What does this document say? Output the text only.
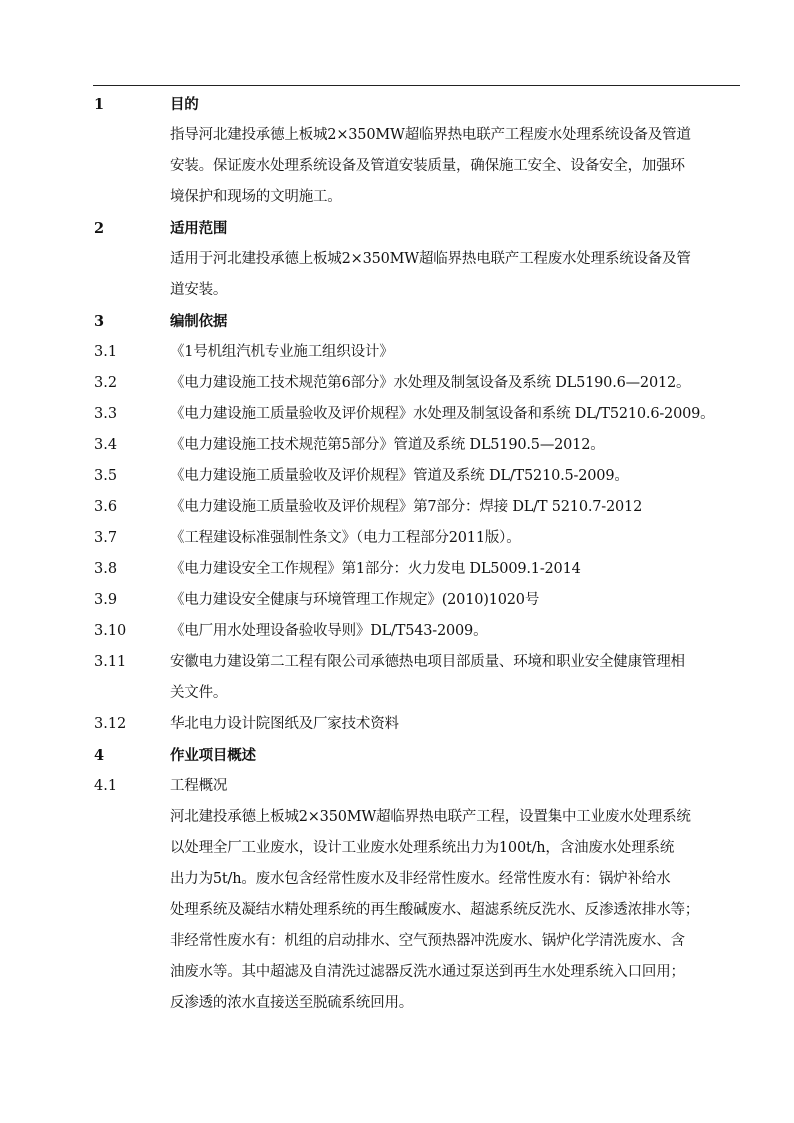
1	目的
指导河北建投承德上板城2×350MW超临界热电联产工程废水处理系统设备及管道
安装。保证废水处理系统设备及管道安装质量，确保施工安全、设备安全，加强环
境保护和现场的文明施工。
2	适用范围
适用于河北建投承德上板城2×350MW超临界热电联产工程废水处理系统设备及管
道安装。
3	编制依据
3.1	《1号机组汽机专业施工组织设计》
3.2	《电力建设施工技术规范第6部分》水处理及制氢设备及系统 DL5190.6—2012。
3.3	《电力建设施工质量验收及评价规程》水处理及制氢设备和系统 DL/T5210.6-2009。
3.4	《电力建设施工技术规范第5部分》管道及系统 DL5190.5—2012。
3.5	《电力建设施工质量验收及评价规程》管道及系统 DL/T5210.5-2009。
3.6	《电力建设施工质量验收及评价规程》第7部分：焊接 DL/T 5210.7-2012
3.7	《工程建设标准强制性条文》（电力工程部分2011版）。
3.8	《电力建设安全工作规程》第1部分：火力发电 DL5009.1-2014
3.9	《电力建设安全健康与环境管理工作规定》(2010)1020号
3.10	《电厂用水处理设备验收导则》DL/T543-2009。
3.11	安徽电力建设第二工程有限公司承德热电项目部质量、环境和职业安全健康管理相
关文件。
3.12	华北电力设计院图纸及厂家技术资料
4	作业项目概述
4.1	工程概况
河北建投承德上板城2×350MW超临界热电联产工程，设置集中工业废水处理系统
以处理全厂工业废水，设计工业废水处理系统出力为100t/h，含油废水处理系统
出力为5t/h。废水包含经常性废水及非经常性废水。经常性废水有：锅炉补给水
处理系统及凝结水精处理系统的再生酸碱废水、超滤系统反洗水、反渗透浓排水等；
非经常性废水有：机组的启动排水、空气预热器冲洗废水、锅炉化学清洗废水、含
油废水等。其中超滤及自清洗过滤器反洗水通过泵送到再生水处理系统入口回用；
反渗透的浓水直接送至脱硫系统回用。
